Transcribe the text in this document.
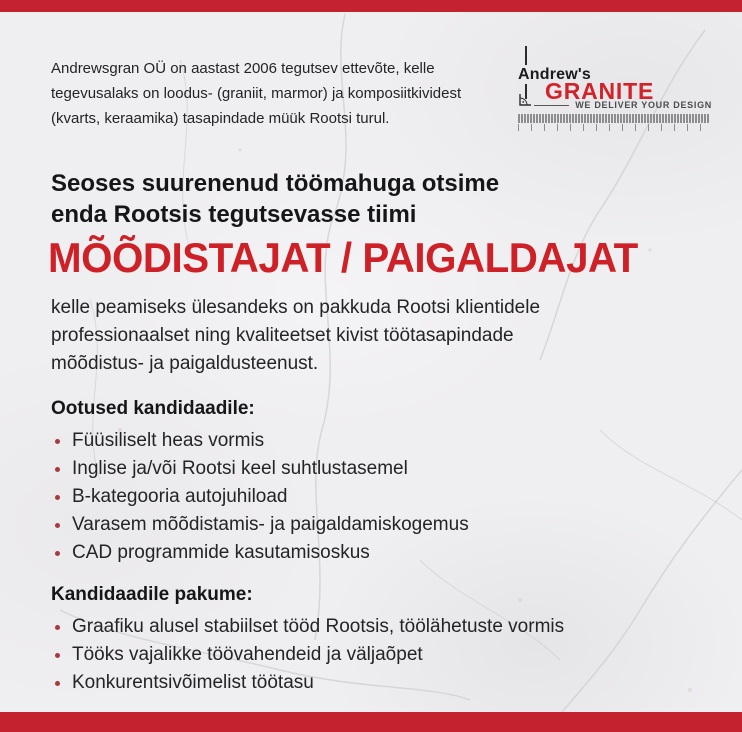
Andrewsgran OÜ on aastast 2006 tegutsev ettevõte, kelle
tegevusalaks on loodus- (graniit, marmor) ja komposiitkividest
(kvarts, keraamika) tasapindade müük Rootsi turul.

Andrew's
GRANITE
WE DELIVER YOUR DESIGN
Seoses suurenenud töömahuga otsime
enda Rootsis tegutsevasse tiimi
MÕÕDISTAJAT / PAIGALDAJAT

kelle peamiseks ülesandeks on pakkuda Rootsi klientidele
professionaalset ning kvaliteetset kivist töötasapindade
mõõdistus- ja paigaldusteenust.

Ootused kandidaadile:
Füüsiliselt heas vormis
Inglise ja/või Rootsi keel suhtlustasemel
B-kategooria autojuhiload
Varasem mõõdistamis- ja paigaldamiskogemus
CAD programmide kasutamisoskus
Kandidaadile pakume:
Graafiku alusel stabiilset tööd Rootsis, töölähetuste vormis
Tööks vajalikke töövahendeid ja väljaõpet
Konkurentsivõimelist töötasu
